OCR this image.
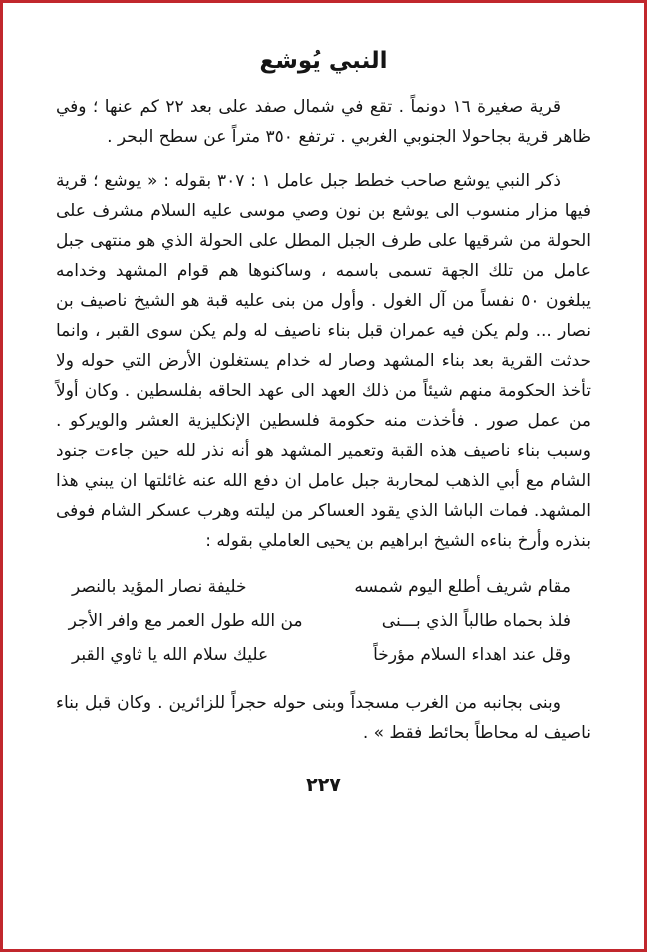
النبي يُوشع

قرية صغيرة ١٦ دونماً . تقع في شمال صفد على بعد ٢٢ كم عنها ؛ وفي ظاهر قرية بجاحولا الجنوبي الغربي . ترتفع ٣٥٠ متراً عن سطح البحر .

ذكر النبي يوشع صاحب خطط جبل عامل ١ : ٣٠٧ بقوله : « يوشع ؛ قرية فيها مزار منسوب الى يوشع بن نون وصي موسى عليه السلام مشرف على الحولة من شرقيها على طرف الجبل المطل على الحولة الذي هو منتهى جبل عامل من تلك الجهة تسمى باسمه ، وساكنوها هم قوام المشهد وخدامه يبلغون ٥٠ نفساً من آل الغول . وأول من بنى عليه قبة هو الشيخ ناصيف بن نصار ... ولم يكن فيه عمران قبل بناء ناصيف له ولم يكن سوى القبر ، وانما حدثت القرية بعد بناء المشهد وصار له خدام يستغلون الأرض التي حوله ولا تأخذ الحكومة منهم شيئاً من ذلك العهد الى عهد الحاقه بفلسطين . وكان أولاً من عمل صور . فأخذت منه حكومة فلسطين الإنكليزية العشر والويركو . وسبب بناء ناصيف هذه القبة وتعمير المشهد هو أنه نذر لله حين جاءت جنود الشام مع أبي الذهب لمحاربة جبل عامل ان دفع الله عنه غائلتها ان يبني هذا المشهد. فمات الباشا الذي يقود العساكر من ليلته وهرب عسكر الشام فوفى بنذره وأرخ بناءه الشيخ ابراهيم بن يحيى العاملي بقوله :

مقام شريف أطلع اليوم شمسه
خليفة نصار المؤيد بالنصر
فلذ بحماه طالباً الذي بـــنى
من الله طول العمر مع وافر الأجر
وقل عند اهداء السلام مؤرخاً
عليك سلام الله يا ثاوي القبر

وبنى بجانبه من الغرب مسجداً وبنى حوله حجراً للزائرين . وكان قبل بناء ناصيف له محاطاً بحائط فقط » .

٢٢٧
